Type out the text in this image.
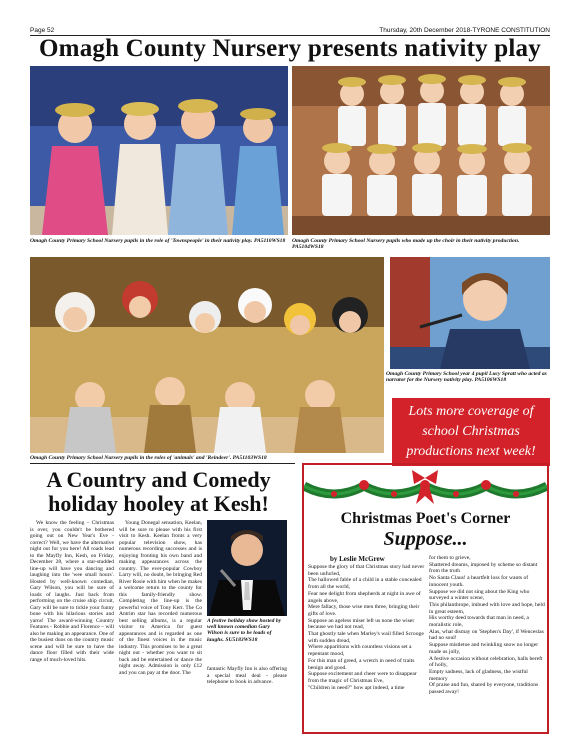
Page 52	Thursday, 20th December 2018-TYRONE CONSTITUTION
Omagh County Nursery presents nativity play
Omagh County Primary School Nursery pupils in the role of 'Townspeople' in their nativity play. PA5110WS18	Omagh County Primary School Nursery pupils who made up the choir in their nativity production. PA5104WS18
Omagh County Primary School Nursery pupils in the roles of 'animals' and 'Reindeer'. PA51103WS18
Omagh County Primary School year 4 pupil Lucy Spratt who acted as narrator for the Nursery nativity play. PA5106WS18
Lots more coverage of school Christmas productions next week!
A Country and Comedy holiday hooley at Kesh!

We know the feeling – Christmas is over, you couldn't be bothered going out on New Year's Eve - correct? Well, we have the alternative night out for you here! All roads lead to the Mayfly Inn, Kesh, on Friday, December 28, where a star-studded line-up will have you dancing and laughing into the 'wee small hours'. Hosted by well-known comedian, Gary Wilson, you will be sure of loads of laughs. Just back from performing on the cruise ship circuit, Gary will be sure to tickle your funny bone with his hilarious stories and yarns! The award-winning Country Features - Robbie and Florence – will also be making an appearance. One of the busiest duos on the country music scene and will be sure to have the dance floor filled with their wide range of much-loved hits.

Young Donegal sensation, Keelan, will be sure to please with his first visit to Kesh. Keelan fronts a very popular television show, has numerous recording successes and is enjoying fronting his own band and making appearances across the country. The ever-popular Cowboy Larry will, no doubt, be bringing Red River Rosie with him when he makes a welcome return to the county for this family-friendly show. Completing the line-up is the powerful voice of Tony Kerr. The Co Antrim star has recorded numerous best selling albums, is a regular visitor to America for guest appearances and is regarded as one of the finest voices in the music industry. This promises to be a great night out - whether you want to sit back and be entertained or dance the night away. Admission is only £12 and you can pay at the door. The

A festive holiday show hosted by well known comedian Gary Wilson is sure to be loads of laughs. SU5183WS18

fantastic Mayfly Inn is also offering a special meal deal - please telephone to book in advance.

Christmas Poet's Corner
Suppose...
by Leslie McGrew

Suppose the glory of that Christmas story had never been unfurled,

The hallowed fable of a child in a stable concealed from all the world,

Fear nee delight from shepherds at night in awe of angels above,

Mere fallacy, those wise men three, bringing their gifts of love.

Suppose an ageless miser left us none the wiser because we had not read,

That ghostly tale when Marley's wail filled Scrooge with sudden dread,

Where apparitions with countless visions set a repentant mood,

For this man of greed, a wretch in need of traits benign and good.

Suppose excitement and cheer were to disappear from the magic of Christmas Eve,

"Children in need?" how apt indeed, a time

for them to grieve,

Shattered dreams, imposed by scheme so distant from the truth

No Santa Claus! a heartfelt loss for wants of innocent youth.

Suppose we did not sing about the King who surveyed a winter scene,

This philanthrope, imbued with love and hope, held in great esteem,

His worthy deed towards that man in need, a moralistic role,

Alas, what dismay on 'Stephen's Day', if Wenceslas had no soul!

Suppose mistletoe and twinkling snow no longer made us jolly,

A festive occasion without celebration, halls bereft of holly,

Empty sadness, lack of gladness, the wistful memory

Of praise and fun, shared by everyone, traditions passed away!
